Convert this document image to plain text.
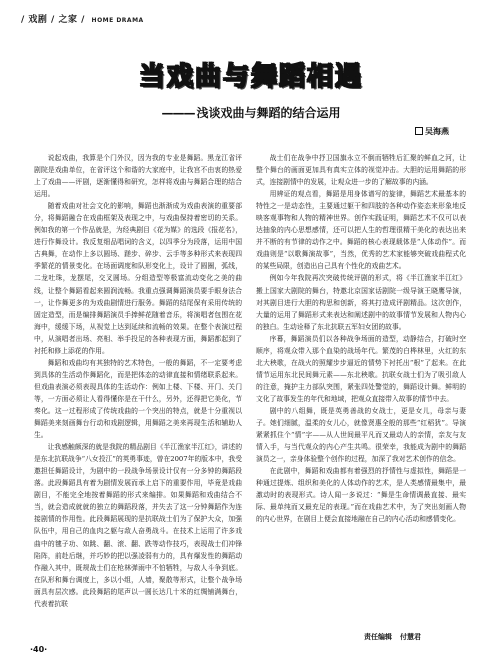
/ 戏剧 / 之家 / HOME DRAMA
当戏曲与舞蹈相遇
——— 浅谈戏曲与舞蹈的结合运用
吴海燕

说起戏曲，我算是个门外汉，因为我的专业是舞蹈。黑龙江省评剧院是戏曲单位，在省评这个和谐的大家庭中，让我宫不由衷的热爱上了戏曲——评剧，逐渐懂得和研究，怎样将戏曲与舞蹈合理的结合运用。

随着戏曲对社会文化的影响，舞蹈也渐渐成为戏曲表演的重要部分，将舞蹈融合在戏曲框架及表现之中，与戏曲保持着密切的关系。例如我的第一个作品就是，为经典剧目《花为媒》的选段《报花名》，进行作舞设计。我反复细品唱词的含义，以四季分为段落，运用中国古典舞，在动作上多以圆场、蹉步、碎步、云手等多种形式来表现四季繁花的情景变化。在场面调度和队形变化上，设计了圆圈，弧线，二龙吐珠，龙摆尾，交叉圆场。分组造型等极富流动变化之美的曲线，让整个舞蹈看起来圆润流畅。我重点强调舞蹈演员要手眼身法合一，让作舞更多的为戏曲剧情进行服务。舞蹈的结尾保有采用传统的固定造型，而是编排舞蹈演员手捧鲜花随着音乐，将演唱者包围在花海中，缓缓下场，从视觉上达到延续和流畅的效果。在整个表演过程中，从演唱者出场、亮相、举手投足的各种表现方面，舞蹈都起到了衬托和修上添花的作用。

舞蹈和戏曲均有其独特的艺术特色，一般的舞蹈，不一定要考虑到具体的生活动作舞蹈化，而是把体态的动律直接和情绪联系起来。但戏曲表演必须表现具体的生活动作：例如上楼、下楼、开门、关门等，一方面必须让人看得懂你是在干什么，另外，还得把它美化，节奏化。这一过程形成了传统戏曲的一个突出的特点，就是十分重视以舞蹈美来刻画舞台行动和戏剧逻辑，用舞蹈之美来再现生活和辅助人生。

让我感触颇深的就是我院的精品剧目《半江渔家半江红》，讲述的是东北抗联战争“八女投江”的英勇事迹，曾在2007年的版本中，我受邀担任舞蹈设计，为剧中的一段战争场景设计仅有一分多钟的舞蹈段落。此段舞蹈具有着为剧情发展而承上启下的重要作用，毕竟是戏曲剧目，不能完全地按着舞蹈的形式来编排。如果舞蹈和戏曲结合不当，就会造成就就的独立的舞蹈段落，并失去了这一分钟舞蹈作为连接剧情的作用性。此段舞蹈展现的是抗联战士们为了保护大众，加强队伍中，用自己的血肉之躯与敌人奋勇战斗。在技术上运用了许多戏曲中的毽子功、如跳、翻、滚、翻、跌等动作技巧，表现战士们冲锋陷阵，前赴后继，并巧妙的把以强凌弱有力的，具有爆发性的舞蹈动作融入其中，既规战士们在枪林弹雨中不怕牺牲，与敌人斗争到底。在队形和舞台调度上，多以小组，人墙，聚散等形式，让整个战争场面具有层次感。此段舞蹈的尾声以一圆长达几十米的红绸铺满舞台，代表着抗联

战士们在战争中抒卫国旗永立不倒而牺牲后汇聚的鲜血之河，让整个舞台的画面更加具有真实立体的视觉冲击。大胆的运用舞蹈的形式，连接剧情中的发展，让观众进一步的了解故事的内涵。

用辨证的观点看，舞蹈是用身体谱写的旋律，舞蹈艺术最基本的特性之一是动态性，主要通过躯干和四肢的各种动作姿态来形象地反映客观事物和人物的精神世界。创作实践证明，舞蹈艺术不仅可以表达抽象的内心思想感情，还可以把人生的哲理很精干美化的表达出来并不断的有节律的动作之中。舞蹈的核心表现载体是“人体动作”。而戏曲则是“以歌舞演故事”，当然，优秀的艺术家能够突破戏曲程式化的某些局限，创造出自己具有个性化的戏曲艺术。

例如今年我院再次突破传统评剧的形式，将《半江渔家半江红》搬上国家大剧院的舞台，特邀北京国家话剧院一级导演王晓鹰导演，对其剧目进行大胆的构思和创新，将其打造成评剧精品。这次创作，大量的运用了舞蹈形式来表达和阐述剧中的故事情节发展和人物内心的独白。生动诠释了东北抗联五军妇女团的故事。

序幕，舞蹈演员们以各种战争场面的造型，动静结合，打破时空顺序，将观众带入那个血染的战场年代。繁茂的白桦林里，火红的东北大秧歌，在战火的照耀步步逼近的情势下衬托出“根”了起来。在此情节运用东北民间舞元素——东北秧歌。抗联女战士们为了吸引敌人的注意，掩护主力部队突围，紧张四处警觉的，舞蹈设计舞。鲜明的文化了故事发生的年代和地域，把观众直接带入故事的情节中去。

剧中的八组舞，既是英勇善战的女战士，更是女儿，母亲与妻子。她们细腻，温柔的女儿心，就像贤惠全般的那些“红稻犹”。导演紧紧抓住个“情”字——从人世间最平凡而又最动人的亲情，亲友与友情入手，与当代观众的内心产生共鸣。很荣幸，我能成为剧中的舞蹈演员之一，亲身体验整个创作的过程，加深了我对艺术创作的信念。

在此剧中，舞蹈和戏曲都有着强烈的抒情性与虚拟性，舞蹈是一种通过提炼、组织和美化的人体动作的艺术，是人类感情最集中，最激动时的表现形式。诗人闻一多说过：“舞是生命情调最直接、最实际、最单纯而又最充足的表现。”而在戏曲艺术中，为了突出刻画人物的内心世界，在剧目上便会直接地融在自己的内心活动和感情变化。

责任编辑 付慧君
·40·
